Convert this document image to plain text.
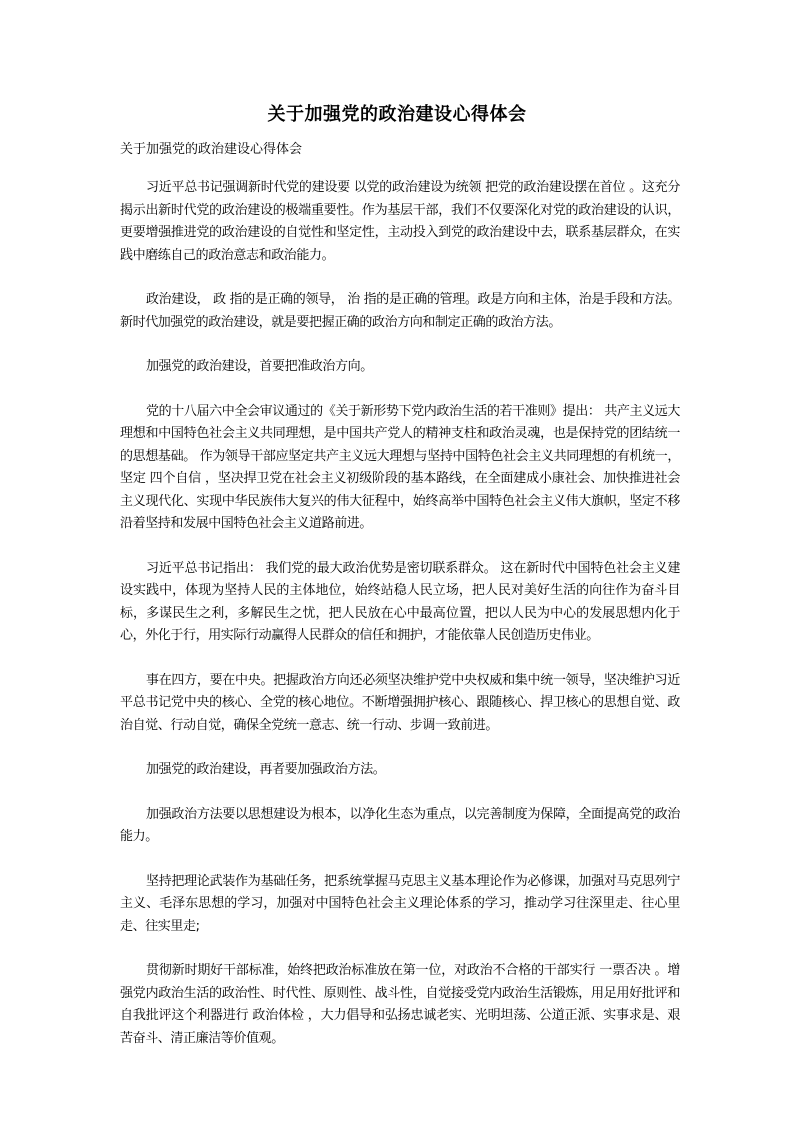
关于加强党的政治建设心得体会
关于加强党的政治建设心得体会

习近平总书记强调新时代党的建设要 以党的政治建设为统领 把党的政治建设摆在首位 。这充分揭示出新时代党的政治建设的极端重要性。作为基层干部，我们不仅要深化对党的政治建设的认识，更要增强推进党的政治建设的自觉性和坚定性，主动投入到党的政治建设中去，联系基层群众，在实践中磨练自己的政治意志和政治能力。

政治建设， 政 指的是正确的领导， 治 指的是正确的管理。政是方向和主体，治是手段和方法。新时代加强党的政治建设，就是要把握正确的政治方向和制定正确的政治方法。

加强党的政治建设，首要把准政治方向。

党的十八届六中全会审议通过的《关于新形势下党内政治生活的若干准则》提出： 共产主义远大理想和中国特色社会主义共同理想，是中国共产党人的精神支柱和政治灵魂，也是保持党的团结统一的思想基础。 作为领导干部应坚定共产主义远大理想与坚持中国特色社会主义共同理想的有机统一，坚定 四个自信 ，坚决捍卫党在社会主义初级阶段的基本路线，在全面建成小康社会、加快推进社会主义现代化、实现中华民族伟大复兴的伟大征程中，始终高举中国特色社会主义伟大旗帜，坚定不移沿着坚持和发展中国特色社会主义道路前进。

习近平总书记指出： 我们党的最大政治优势是密切联系群众。 这在新时代中国特色社会主义建设实践中，体现为坚持人民的主体地位，始终站稳人民立场，把人民对美好生活的向往作为奋斗目标，多谋民生之利，多解民生之忧，把人民放在心中最高位置，把以人民为中心的发展思想内化于心，外化于行，用实际行动赢得人民群众的信任和拥护，才能依靠人民创造历史伟业。

事在四方，要在中央。把握政治方向还必须坚决维护党中央权威和集中统一领导，坚决维护习近平总书记党中央的核心、全党的核心地位。不断增强拥护核心、跟随核心、捍卫核心的思想自觉、政治自觉、行动自觉，确保全党统一意志、统一行动、步调一致前进。

加强党的政治建设，再者要加强政治方法。

加强政治方法要以思想建设为根本，以净化生态为重点，以完善制度为保障，全面提高党的政治能力。

坚持把理论武装作为基础任务，把系统掌握马克思主义基本理论作为必修课，加强对马克思列宁主义、毛泽东思想的学习，加强对中国特色社会主义理论体系的学习，推动学习往深里走、往心里走、往实里走;

贯彻新时期好干部标准，始终把政治标准放在第一位，对政治不合格的干部实行 一票否决 。增强党内政治生活的政治性、时代性、原则性、战斗性，自觉接受党内政治生活锻炼，用足用好批评和自我批评这个利器进行 政治体检 ，大力倡导和弘扬忠诚老实、光明坦荡、公道正派、实事求是、艰苦奋斗、清正廉洁等价值观。
